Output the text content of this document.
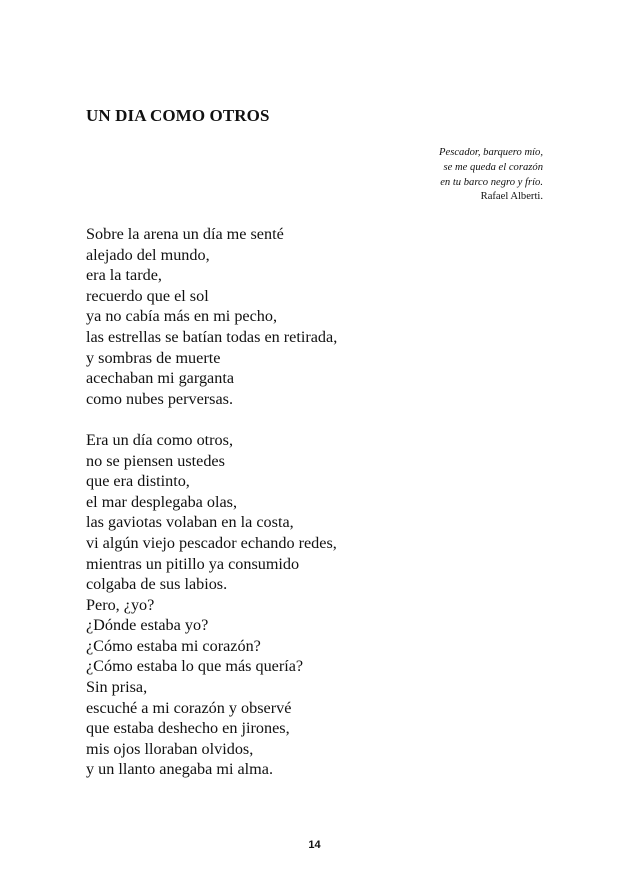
UN DIA COMO OTROS
Pescador, barquero mío,
se me queda el corazón
en tu barco negro y frío.
Rafael Alberti.
Sobre la arena un día me senté
alejado del mundo,
era la tarde,
recuerdo que el sol
ya no cabía más en mi pecho,
las estrellas se batían todas en retirada,
y sombras de muerte
acechaban mi garganta
como nubes perversas.
Era un día como otros,
no se piensen ustedes
que era distinto,
el mar desplegaba olas,
las gaviotas volaban en la costa,
vi algún viejo pescador echando redes,
mientras un pitillo ya consumido
colgaba de sus labios.
Pero, ¿yo?
¿Dónde estaba yo?
¿Cómo estaba mi corazón?
¿Cómo estaba lo que más quería?
Sin prisa,
escuché a mi corazón y observé
que estaba deshecho en jirones,
mis ojos lloraban olvidos,
y un llanto anegaba mi alma.
14
